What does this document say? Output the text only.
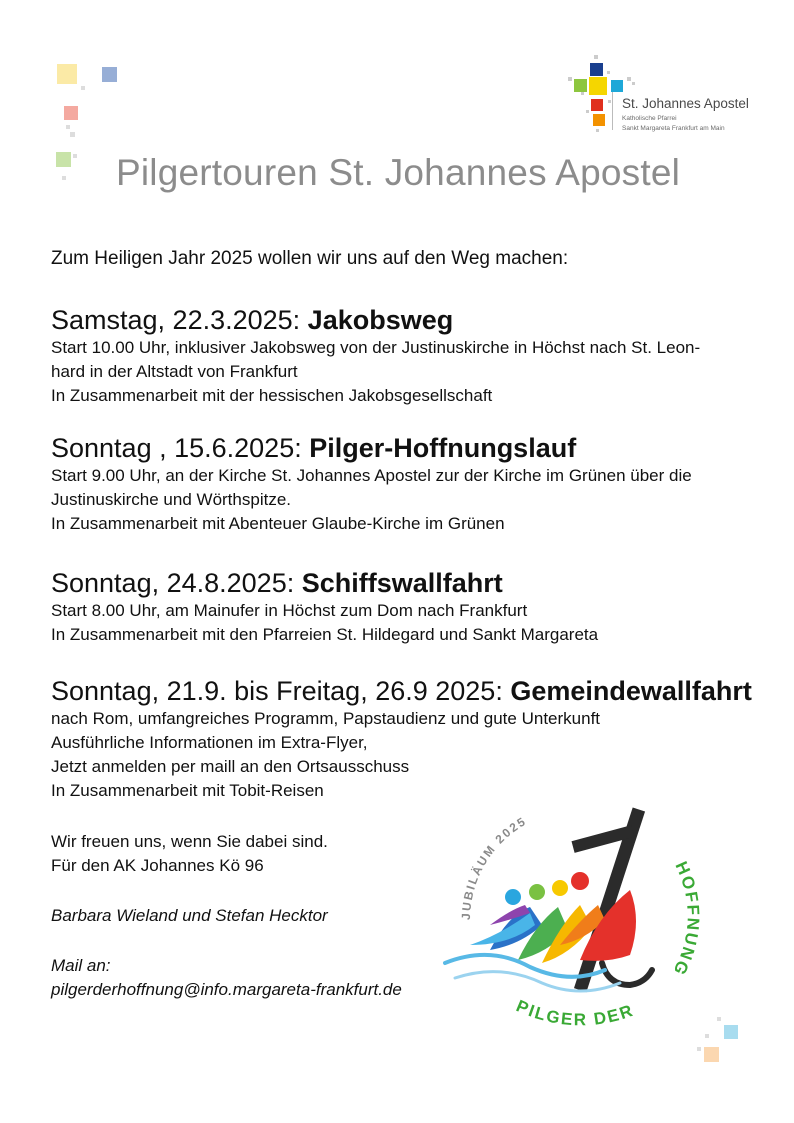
St. Johannes Apostel
Katholische Pfarrei
Sankt Margareta Frankfurt am Main
Pilgertouren St. Johannes Apostel
Zum Heiligen Jahr 2025 wollen wir uns auf den Weg machen:
Samstag, 22.3.2025: Jakobsweg

Start 10.00 Uhr, inklusiver Jakobsweg von der Justinuskirche in Höchst nach St. Leon-

hard in der Altstadt von Frankfurt

In Zusammenarbeit mit der hessischen Jakobsgesellschaft

Sonntag , 15.6.2025: Pilger-Hoffnungslauf

Start 9.00 Uhr, an der Kirche St. Johannes Apostel zur der Kirche im Grünen über die

Justinuskirche und Wörthspitze.

In Zusammenarbeit mit Abenteuer Glaube-Kirche im Grünen

Sonntag, 24.8.2025: Schiffswallfahrt

Start 8.00 Uhr, am Mainufer in Höchst zum Dom nach Frankfurt

In Zusammenarbeit mit den Pfarreien St. Hildegard und Sankt Margareta

Sonntag, 21.9. bis Freitag, 26.9 2025: Gemeindewallfahrt

nach Rom, umfangreiches Programm, Papstaudienz und gute Unterkunft

Ausführliche Informationen im Extra-Flyer,

Jetzt anmelden per maill an den Ortsausschuss

In Zusammenarbeit mit Tobit-Reisen

Wir freuen uns, wenn Sie dabei sind.
Für den AK Johannes Kö 96
Barbara Wieland und Stefan Hecktor
Mail an:
pilgerderhoffnung@info.margareta-frankfurt.de
JUBILÄUM 2025
HOFFNUNG
PILGER DER
